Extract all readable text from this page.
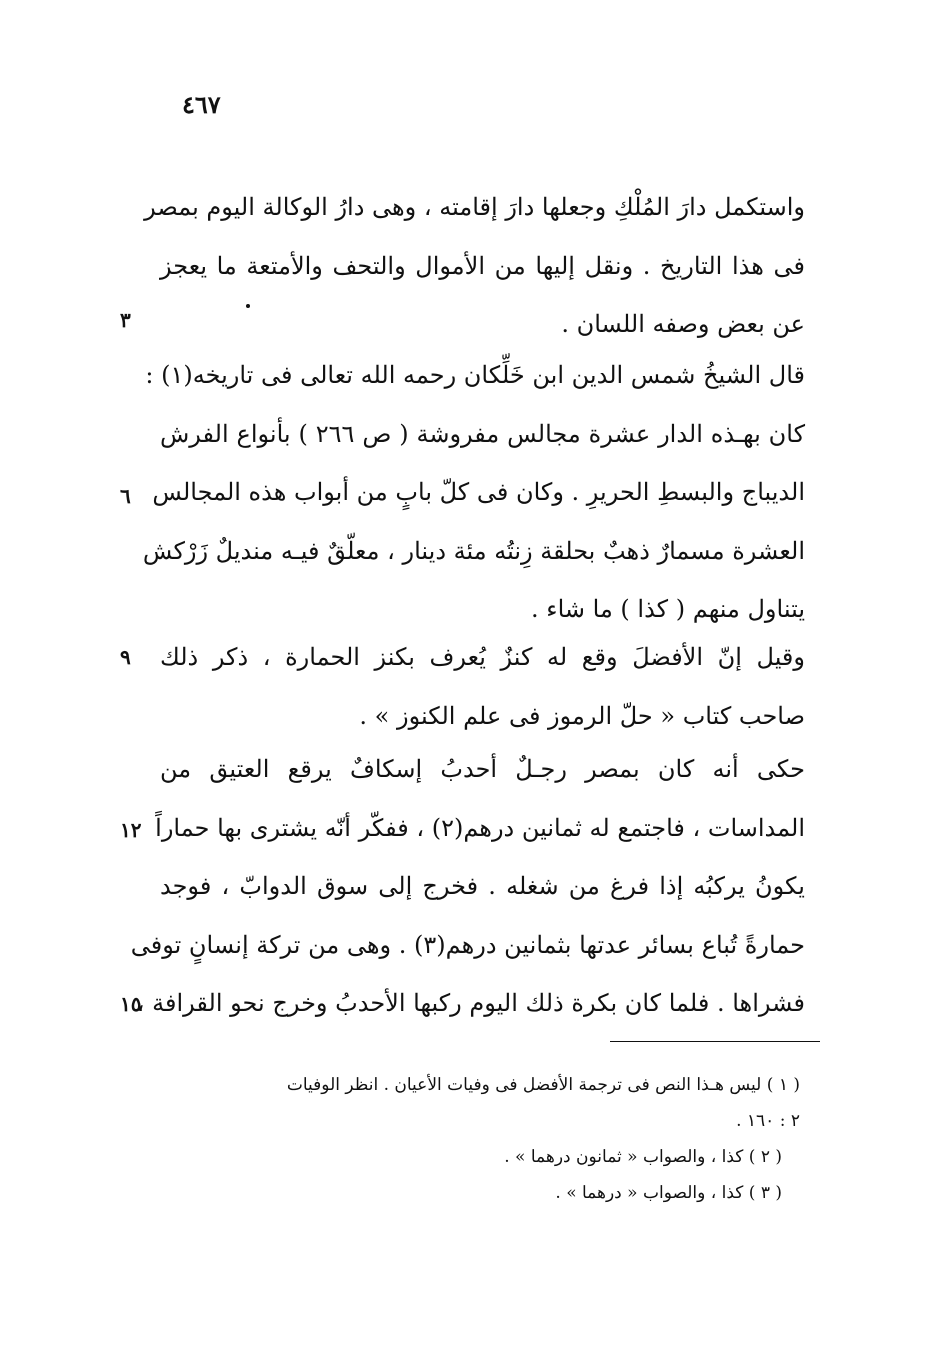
٤٦٧
واستكمل دارَ المُلْكِ وجعلها دارَ إقامته ، وهى دارُ الوكالة اليوم بمصر
فى هذا التاريخ . ونقل إليها من الأموال والتحف والأمتعة ما يعجز
عن بعض وصفه اللسان .
قال الشيخُ شمس الدين ابن خَلِّكان رحمه الله تعالى فى تاريخه(١) :
كان بهـذه الدار عشرة مجالس مفروشة ( ص ٢٦٦ ) بأنواع الفرش
الديباج والبسطِ الحريرِ . وكان فى كلّ بابٍ من أبواب هذه المجالس
العشرة مسمارٌ ذهبٌ بحلقة زِنتُه مئة دينار ، معلّقٌ فيـه منديلٌ زَرْكش
يتناول منهم ( كذا ) ما شاء .
وقيل إنّ الأفضلَ وقع له كنزٌ يُعرف بكنز الحمارة ، ذكر ذلك
صاحب كتاب « حلّ الرموز فى علم الكنوز » .
حكى أنه كان بمصر رجـلٌ أحدبُ إسكافٌ يرقع العتيق من
المداسات ، فاجتمع له ثمانين درهم(٢) ، ففكّر أنّه يشترى بها حماراً
يكونُ يركبُه إذا فرغ من شغله . فخرج إلى سوق الدوابّ ، فوجد
حمارةً تُباع بسائر عدتها بثمانين درهم(٣) . وهى من تركة إنسانٍ توفى
فشراها . فلما كان بكرة ذلك اليوم ركبها الأحدبُ وخرج نحو القرافة ،
٣
٦
٩
١٢
١٥
( ١ ) ليس هـذا النص فى ترجمة الأفضل فى وفيات الأعيان . انظر الوفيات
٢ : ١٦٠ .
( ٢ ) كذا ، والصواب « ثمانون درهما » .
( ٣ ) كذا ، والصواب « درهما » .
